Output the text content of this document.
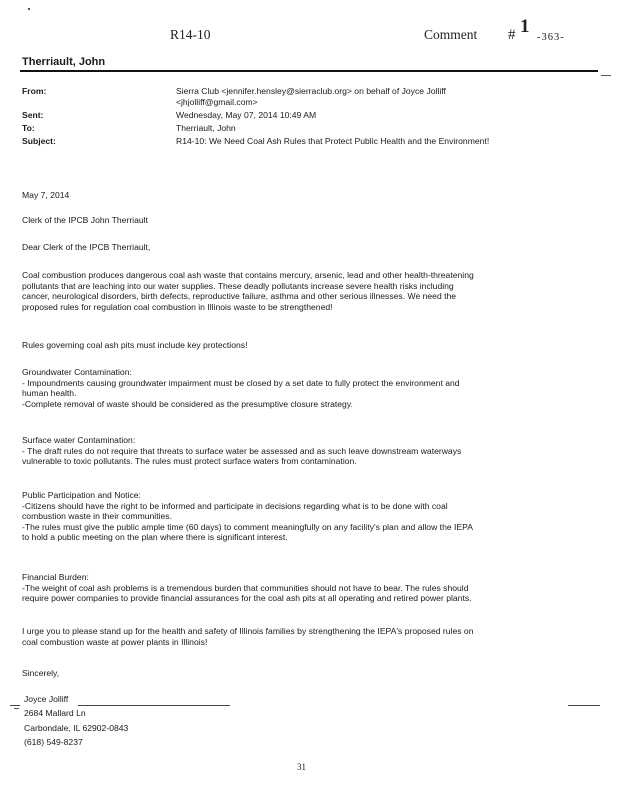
R14-10	Comment # 1
-363-
Therriault, John
From:	Sierra Club <jennifer.hensley@sierraclub.org> on behalf of Joyce Jolliff
<jhjolliff@gmail.com>
Sent:	Wednesday, May 07, 2014 10:49 AM
To:	Therriault, John
Subject:	R14-10: We Need Coal Ash Rules that Protect Public Health and the Environment!
May 7, 2014
Clerk of the IPCB John Therriault
Dear Clerk of the IPCB Therriault,
Coal combustion produces dangerous coal ash waste that contains mercury, arsenic, lead and other health-threatening
pollutants that are leaching into our water supplies. These deadly pollutants increase severe health risks including
cancer, neurological disorders, birth defects, reproductive failure, asthma and other serious illnesses. We need the
proposed rules for regulation coal combustion in Illinois waste to be strengthened!
Rules governing coal ash pits must include key protections!
Groundwater Contamination:
- Impoundments causing groundwater impairment must be closed by a set date to fully protect the environment and
human health.
-Complete removal of waste should be considered as the presumptive closure strategy.
Surface water Contamination:
- The draft rules do not require that threats to surface water be assessed and as such leave downstream waterways
vulnerable to toxic pollutants. The rules must protect surface waters from contamination.
Public Participation and Notice:
-Citizens should have the right to be informed and participate in decisions regarding what is to be done with coal
combustion waste in their communities.
-The rules must give the public ample time (60 days) to comment meaningfully on any facility's plan and allow the IEPA
to hold a public meeting on the plan where there is significant interest.
Financial Burden:
-The weight of coal ash problems is a tremendous burden that communities should not have to bear. The rules should
require power companies to provide financial assurances for the coal ash pits at all operating and retired power plants.
I urge you to please stand up for the health and safety of Illinois families by strengthening the IEPA's proposed rules on
coal combustion waste at power plants in Illinois!
Sincerely,
Joyce Jolliff
2684 Mallard Ln
Carbondale, IL 62902-0843
(618) 549-8237
31
